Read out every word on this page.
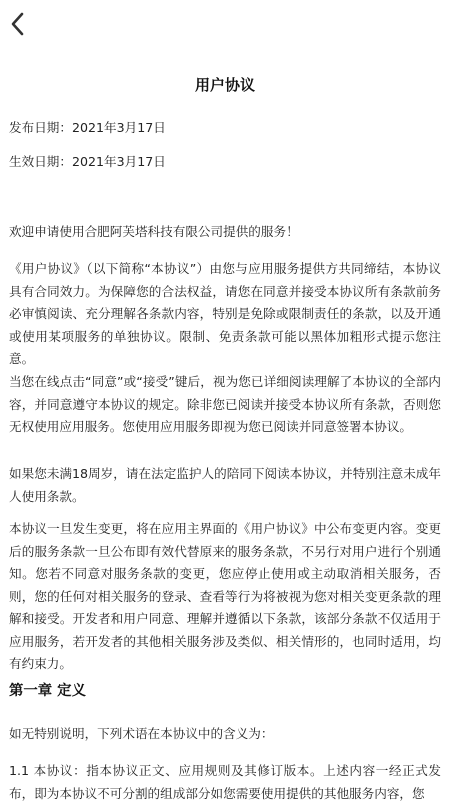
用户协议

发布日期：2021年3月17日

生效日期：2021年3月17日

欢迎申请使用合肥阿芙塔科技有限公司提供的服务！

《用户协议》（以下简称“本协议”）由您与应用服务提供方共同缔结，本协议具有合同效力。为保障您的合法权益，请您在同意并接受本协议所有条款前务必审慎阅读、充分理解各条款内容，特别是免除或限制责任的条款，以及开通或使用某项服务的单独协议。限制、免责条款可能以黑体加粗形式提示您注意。

当您在线点击“同意”或“接受”键后，视为您已详细阅读理解了本协议的全部内容，并同意遵守本协议的规定。除非您已阅读并接受本协议所有条款，否则您无权使用应用服务。您使用应用服务即视为您已阅读并同意签署本协议。

如果您未满18周岁，请在法定监护人的陪同下阅读本协议，并特别注意未成年人使用条款。

本协议一旦发生变更，将在应用主界面的《用户协议》中公布变更内容。变更后的服务条款一旦公布即有效代替原来的服务条款，不另行对用户进行个别通知。您若不同意对服务条款的变更，您应停止使用或主动取消相关服务，否则，您的任何对相关服务的登录、查看等行为将被视为您对相关变更条款的理解和接受。开发者和用户同意、理解并遵循以下条款，该部分条款不仅适用于应用服务，若开发者的其他相关服务涉及类似、相关情形的，也同时适用，均有约束力。

第一章 定义

如无特别说明，下列术语在本协议中的含义为：

1.1 本协议：指本协议正文、应用规则及其修订版本。上述内容一经正式发布，即为本协议不可分割的组成部分如您需要使用提供的其他服务内容，您
